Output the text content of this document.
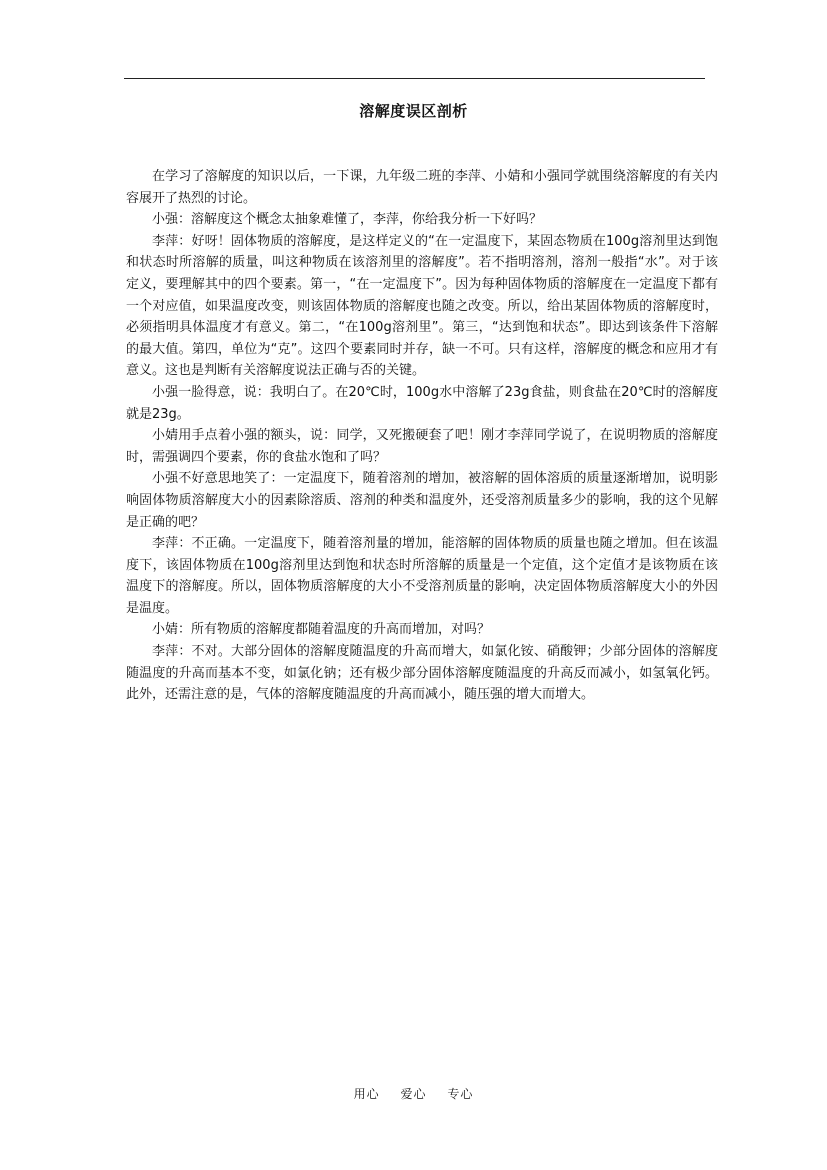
溶解度误区剖析

在学习了溶解度的知识以后，一下课，九年级二班的李萍、小婧和小强同学就围绕溶解度的有关内容展开了热烈的讨论。

小强：溶解度这个概念太抽象难懂了，李萍，你给我分析一下好吗？

李萍：好呀！固体物质的溶解度，是这样定义的“在一定温度下，某固态物质在100g溶剂里达到饱和状态时所溶解的质量，叫这种物质在该溶剂里的溶解度”。若不指明溶剂，溶剂一般指“水”。对于该定义，要理解其中的四个要素。第一，“在一定温度下”。因为每种固体物质的溶解度在一定温度下都有一个对应值，如果温度改变，则该固体物质的溶解度也随之改变。所以，给出某固体物质的溶解度时，必须指明具体温度才有意义。第二，“在100g溶剂里”。第三，“达到饱和状态”。即达到该条件下溶解的最大值。第四，单位为“克”。这四个要素同时并存，缺一不可。只有这样，溶解度的概念和应用才有意义。这也是判断有关溶解度说法正确与否的关键。

小强一脸得意，说：我明白了。在20℃时，100g水中溶解了23g食盐，则食盐在20℃时的溶解度就是23g。

小婧用手点着小强的额头，说：同学，又死搬硬套了吧！刚才李萍同学说了，在说明物质的溶解度时，需强调四个要素，你的食盐水饱和了吗？

小强不好意思地笑了：一定温度下，随着溶剂的增加，被溶解的固体溶质的质量逐渐增加，说明影响固体物质溶解度大小的因素除溶质、溶剂的种类和温度外，还受溶剂质量多少的影响，我的这个见解是正确的吧？

李萍：不正确。一定温度下，随着溶剂量的增加，能溶解的固体物质的质量也随之增加。但在该温度下，该固体物质在100g溶剂里达到饱和状态时所溶解的质量是一个定值，这个定值才是该物质在该温度下的溶解度。所以，固体物质溶解度的大小不受溶剂质量的影响，决定固体物质溶解度大小的外因是温度。

小婧：所有物质的溶解度都随着温度的升高而增加，对吗？

李萍：不对。大部分固体的溶解度随温度的升高而增大，如氯化铵、硝酸钾；少部分固体的溶解度随温度的升高而基本不变，如氯化钠；还有极少部分固体溶解度随温度的升高反而减小，如氢氧化钙。此外，还需注意的是，气体的溶解度随温度的升高而减小，随压强的增大而增大。

用心 爱心 专心
